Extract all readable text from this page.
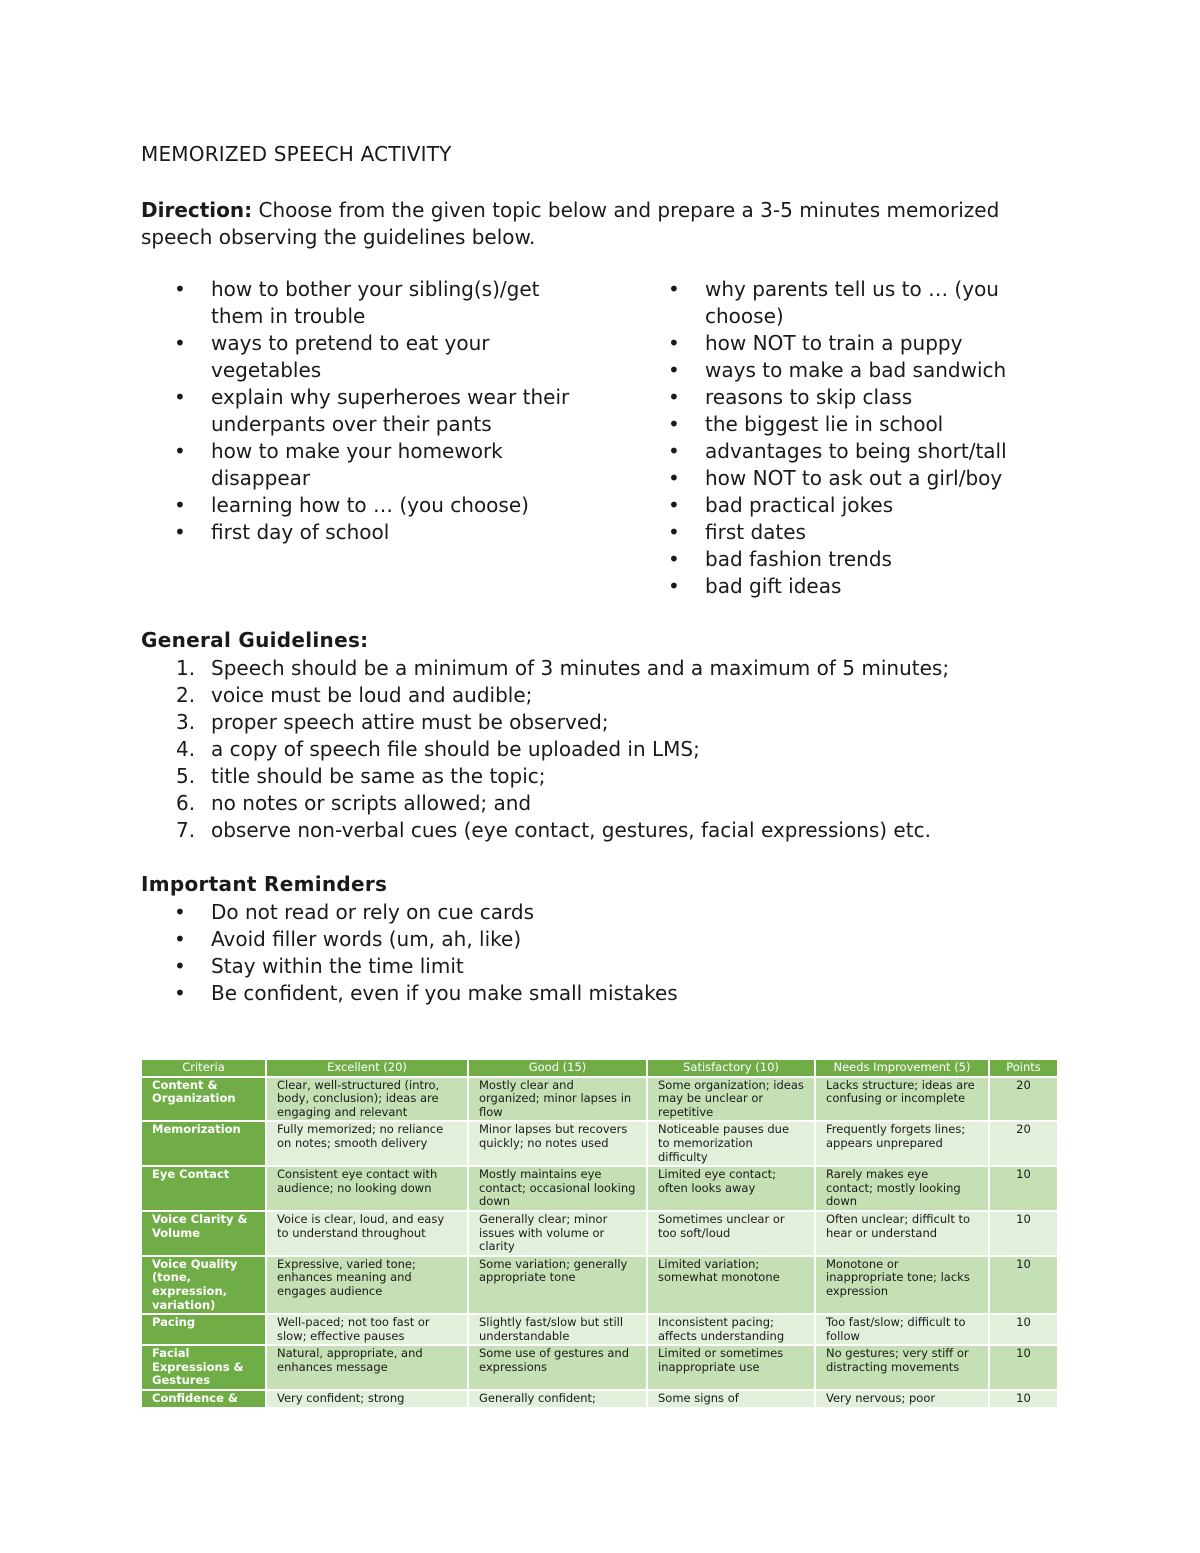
MEMORIZED SPEECH ACTIVITY
Direction: Choose from the given topic below and prepare a 3-5 minutes memorized speech observing the guidelines below.
• how to bother your sibling(s)/get them in trouble
• ways to pretend to eat your vegetables
• explain why superheroes wear their underpants over their pants
• how to make your homework disappear
• learning how to … (you choose)
• first day of school
• why parents tell us to … (you choose)
• how NOT to train a puppy
• ways to make a bad sandwich
• reasons to skip class
• the biggest lie in school
• advantages to being short/tall
• how NOT to ask out a girl/boy
• bad practical jokes
• first dates
• bad fashion trends
• bad gift ideas
General Guidelines:
1. Speech should be a minimum of 3 minutes and a maximum of 5 minutes;
2. voice must be loud and audible;
3. proper speech attire must be observed;
4. a copy of speech file should be uploaded in LMS;
5. title should be same as the topic;
6. no notes or scripts allowed; and
7. observe non-verbal cues (eye contact, gestures, facial expressions) etc.
Important Reminders
• Do not read or rely on cue cards
• Avoid filler words (um, ah, like)
• Stay within the time limit
• Be confident, even if you make small mistakes
Criteria	Excellent (20)	Good (15)	Satisfactory (10)	Needs Improvement (5)	Points
Content & Organization	Clear, well-structured (intro, body, conclusion); ideas are engaging and relevant	Mostly clear and organized; minor lapses in flow	Some organization; ideas may be unclear or repetitive	Lacks structure; ideas are confusing or incomplete	20
Memorization	Fully memorized; no reliance on notes; smooth delivery	Minor lapses but recovers quickly; no notes used	Noticeable pauses due to memorization difficulty	Frequently forgets lines; appears unprepared	20
Eye Contact	Consistent eye contact with audience; no looking down	Mostly maintains eye contact; occasional looking down	Limited eye contact; often looks away	Rarely makes eye contact; mostly looking down	10
Voice Clarity & Volume	Voice is clear, loud, and easy to understand throughout	Generally clear; minor issues with volume or clarity	Sometimes unclear or too soft/loud	Often unclear; difficult to hear or understand	10
Voice Quality (tone, expression, variation)	Expressive, varied tone; enhances meaning and engages audience	Some variation; generally appropriate tone	Limited variation; somewhat monotone	Monotone or inappropriate tone; lacks expression	10
Pacing	Well-paced; not too fast or slow; effective pauses	Slightly fast/slow but still understandable	Inconsistent pacing; affects understanding	Too fast/slow; difficult to follow	10
Facial Expressions & Gestures	Natural, appropriate, and enhances message	Some use of gestures and expressions	Limited or sometimes inappropriate use	No gestures; very stiff or distracting movements	10
Confidence &	Very confident; strong	Generally confident;	Some signs of	Very nervous; poor	10
